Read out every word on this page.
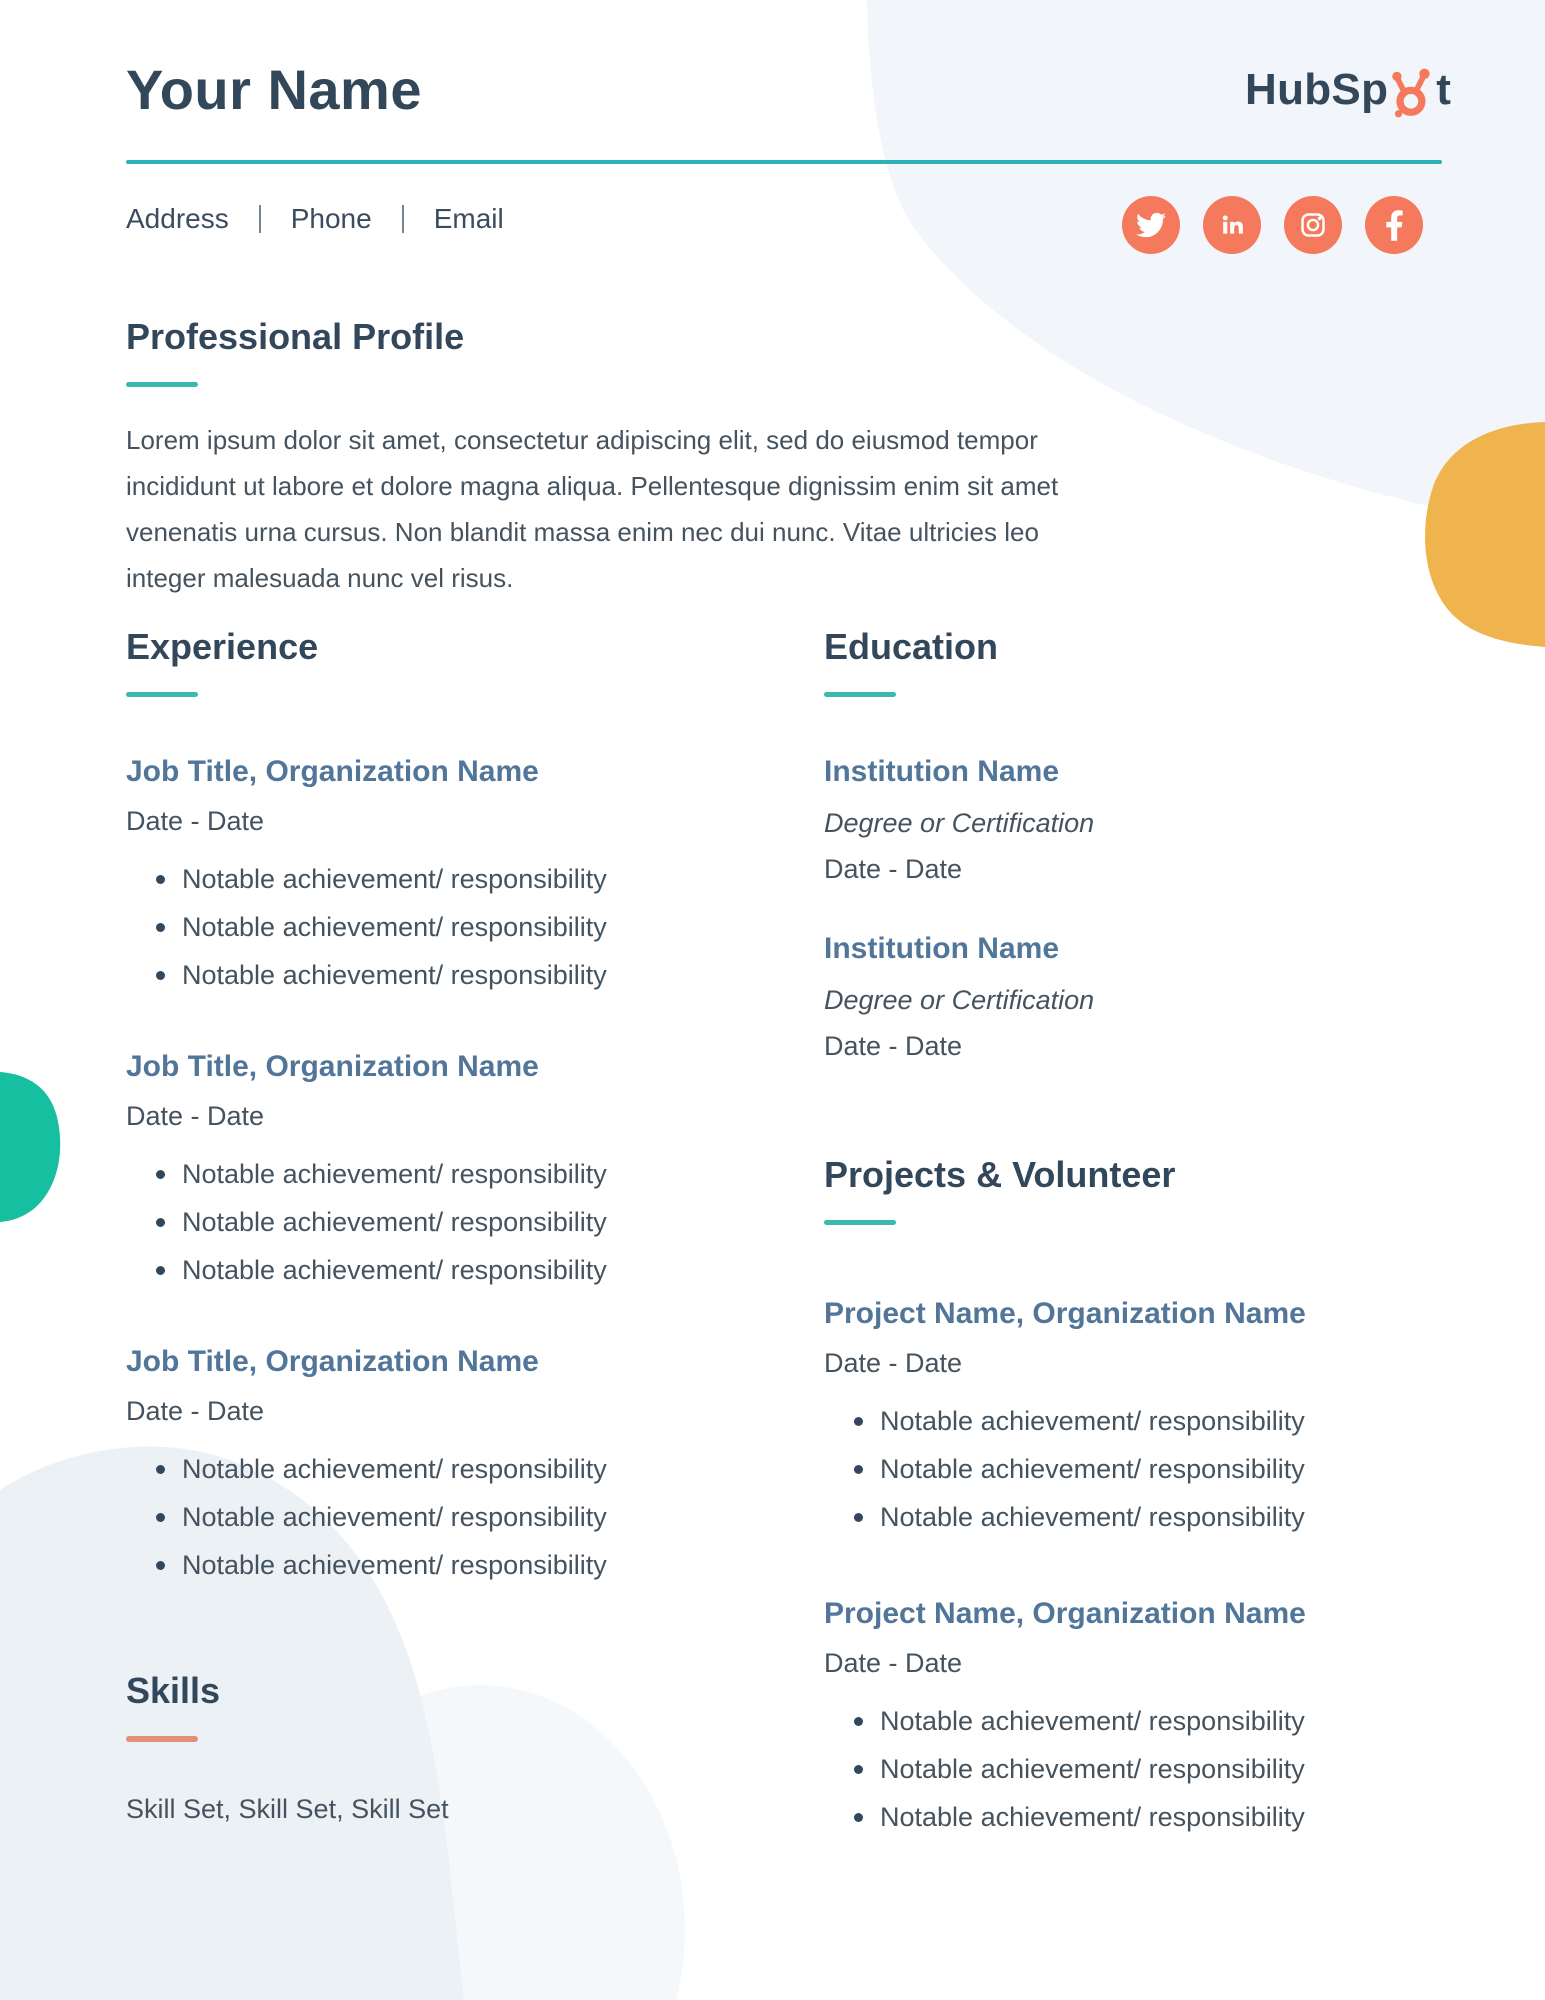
Your Name	HubSp t
Address Phone Email
Professional Profile

Lorem ipsum dolor sit amet, consectetur adipiscing elit, sed do eiusmod tempor incididunt ut labore et dolore magna aliqua. Pellentesque dignissim enim sit amet venenatis urna cursus. Non blandit massa enim nec dui nunc. Vitae ultricies leo integer malesuada nunc vel risus.

Experience
Job Title, Organization Name
Date - Date
Notable achievement/ responsibility
Notable achievement/ responsibility
Notable achievement/ responsibility
Job Title, Organization Name
Date - Date
Notable achievement/ responsibility
Notable achievement/ responsibility
Notable achievement/ responsibility
Job Title, Organization Name
Date - Date
Notable achievement/ responsibility
Notable achievement/ responsibility
Notable achievement/ responsibility
Skills
Skill Set, Skill Set, Skill Set
Education
Institution Name
Degree or Certification
Date - Date
Institution Name
Degree or Certification
Date - Date
Projects & Volunteer
Project Name, Organization Name
Date - Date
Notable achievement/ responsibility
Notable achievement/ responsibility
Notable achievement/ responsibility
Project Name, Organization Name
Date - Date
Notable achievement/ responsibility
Notable achievement/ responsibility
Notable achievement/ responsibility
